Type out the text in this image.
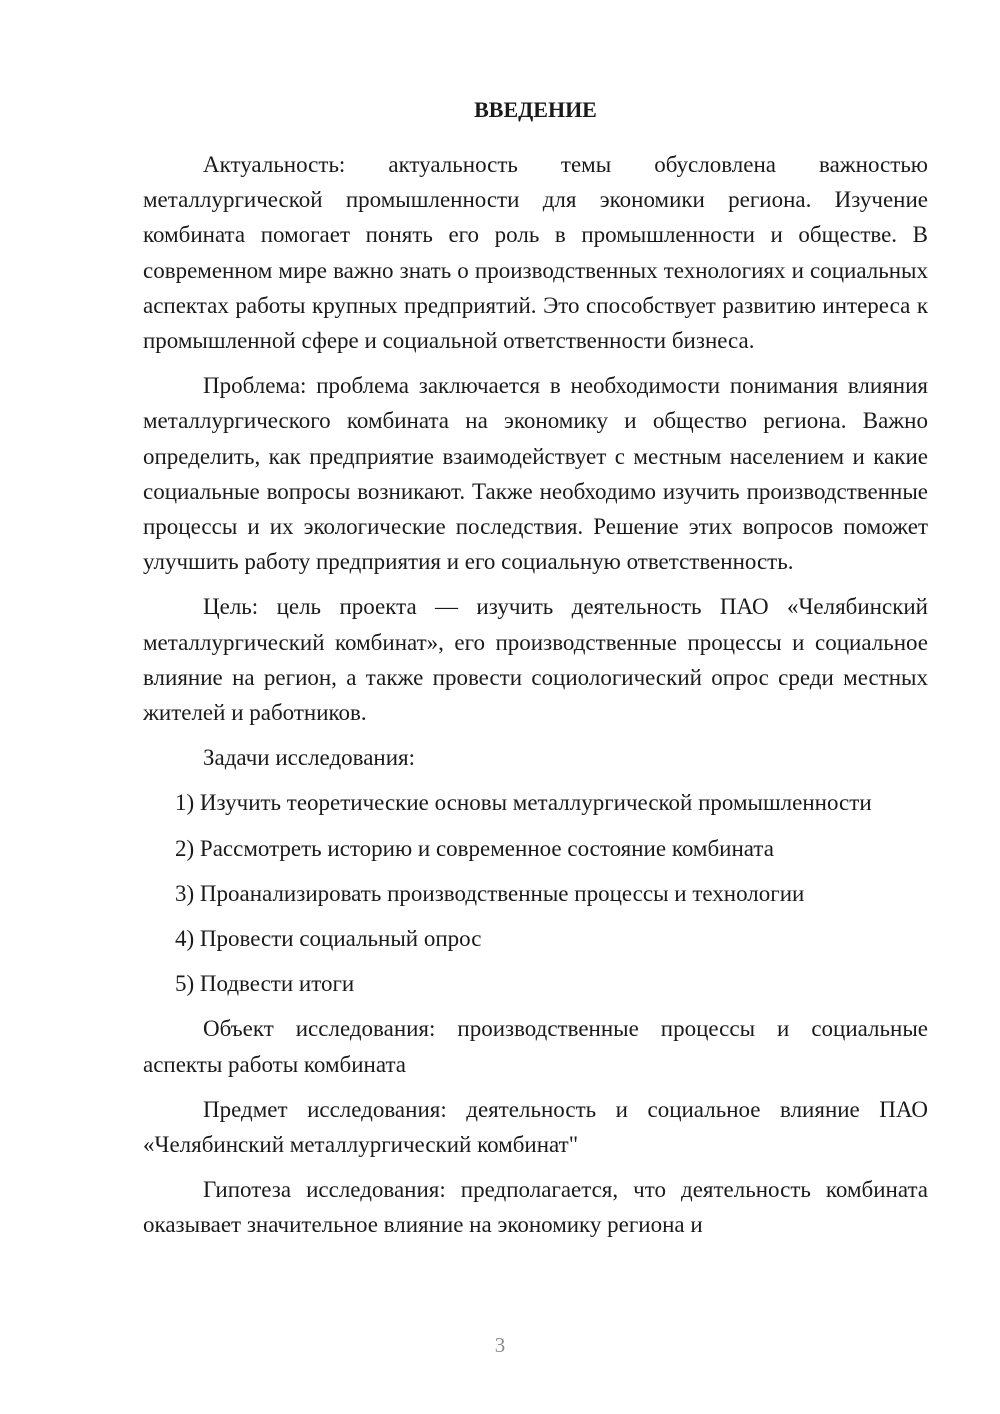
ВВЕДЕНИЕ

Актуальность: актуальность темы обусловлена важностью металлургической промышленности для экономики региона. Изучение комбината помогает понять его роль в промышленности и обществе. В современном мире важно знать о производственных технологиях и социальных аспектах работы крупных предприятий. Это способствует развитию интереса к промышленной сфере и социальной ответственности бизнеса.

Проблема: проблема заключается в необходимости понимания влияния металлургического комбината на экономику и общество региона. Важно определить, как предприятие взаимодействует с местным населением и какие социальные вопросы возникают. Также необходимо изучить производственные процессы и их экологические последствия. Решение этих вопросов поможет улучшить работу предприятия и его социальную ответственность.

Цель: цель проекта — изучить деятельность ПАО «Челябинский металлургический комбинат», его производственные процессы и социальное влияние на регион, а также провести социологический опрос среди местных жителей и работников.

Задачи исследования:

1) Изучить теоретические основы металлургической промышленности
2) Рассмотреть историю и современное состояние комбината
3) Проанализировать производственные процессы и технологии
4) Провести социальный опрос
5) Подвести итоги

Объект исследования: производственные процессы и социальные аспекты работы комбината

Предмет исследования: деятельность и социальное влияние ПАО «Челябинский металлургический комбинат"

Гипотеза исследования: предполагается, что деятельность комбината оказывает значительное влияние на экономику региона и

3
